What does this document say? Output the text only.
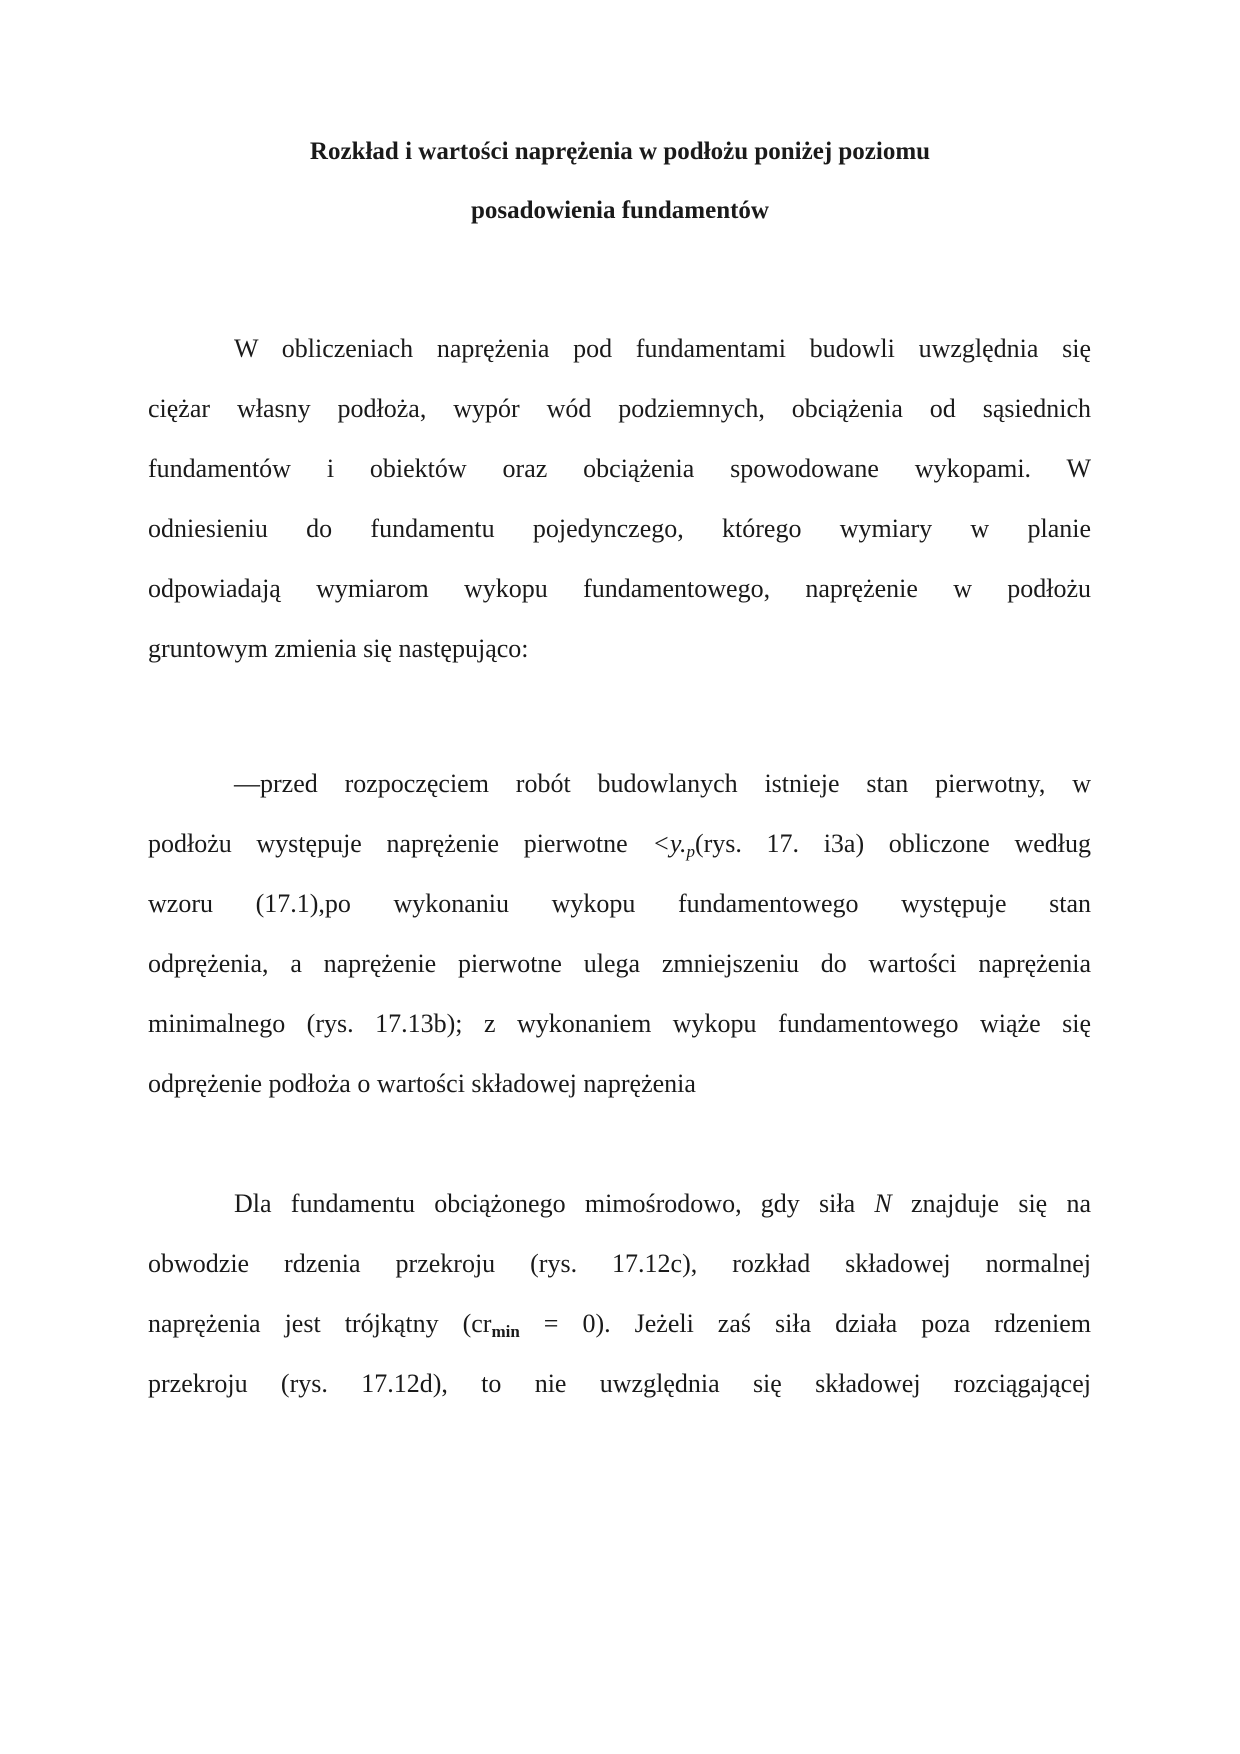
Rozkład i wartości naprężenia w podłożu poniżej poziomu
posadowienia fundamentów
W obliczeniach naprężenia pod fundamentami budowli uwzględnia się
ciężar własny podłoża, wypór wód podziemnych, obciążenia od sąsiednich
fundamentów i obiektów oraz obciążenia spowodowane wykopami. W
odniesieniu do fundamentu pojedynczego, którego wymiary w planie
odpowiadają wymiarom wykopu fundamentowego, naprężenie w podłożu
gruntowym zmienia się następująco:
—przed rozpoczęciem robót budowlanych istnieje stan pierwotny, w
podłożu występuje naprężenie pierwotne $<y._p(rys$. 17. i3a) obliczone według
wzoru (17.1),po wykonaniu wykopu fundamentowego występuje stan
odprężenia, a naprężenie pierwotne ulega zmniejszeniu do wartości naprężenia
minimalnego (rys. 17.13b); z wykonaniem wykopu fundamentowego wiąże się
odprężenie podłoża o wartości składowej naprężenia
Dla fundamentu obciążonego mimośrodowo, gdy siła N znajduje się na
obwodzie rdzenia przekroju (rys. 17.12c), rozkład składowej normalnej
naprężenia jest trójkątny $(cr_{min} = 0)$. Jeżeli zaś siła działa poza rdzeniem
przekroju (rys. 17.12d), to nie uwzględnia się składowej rozciągającej
